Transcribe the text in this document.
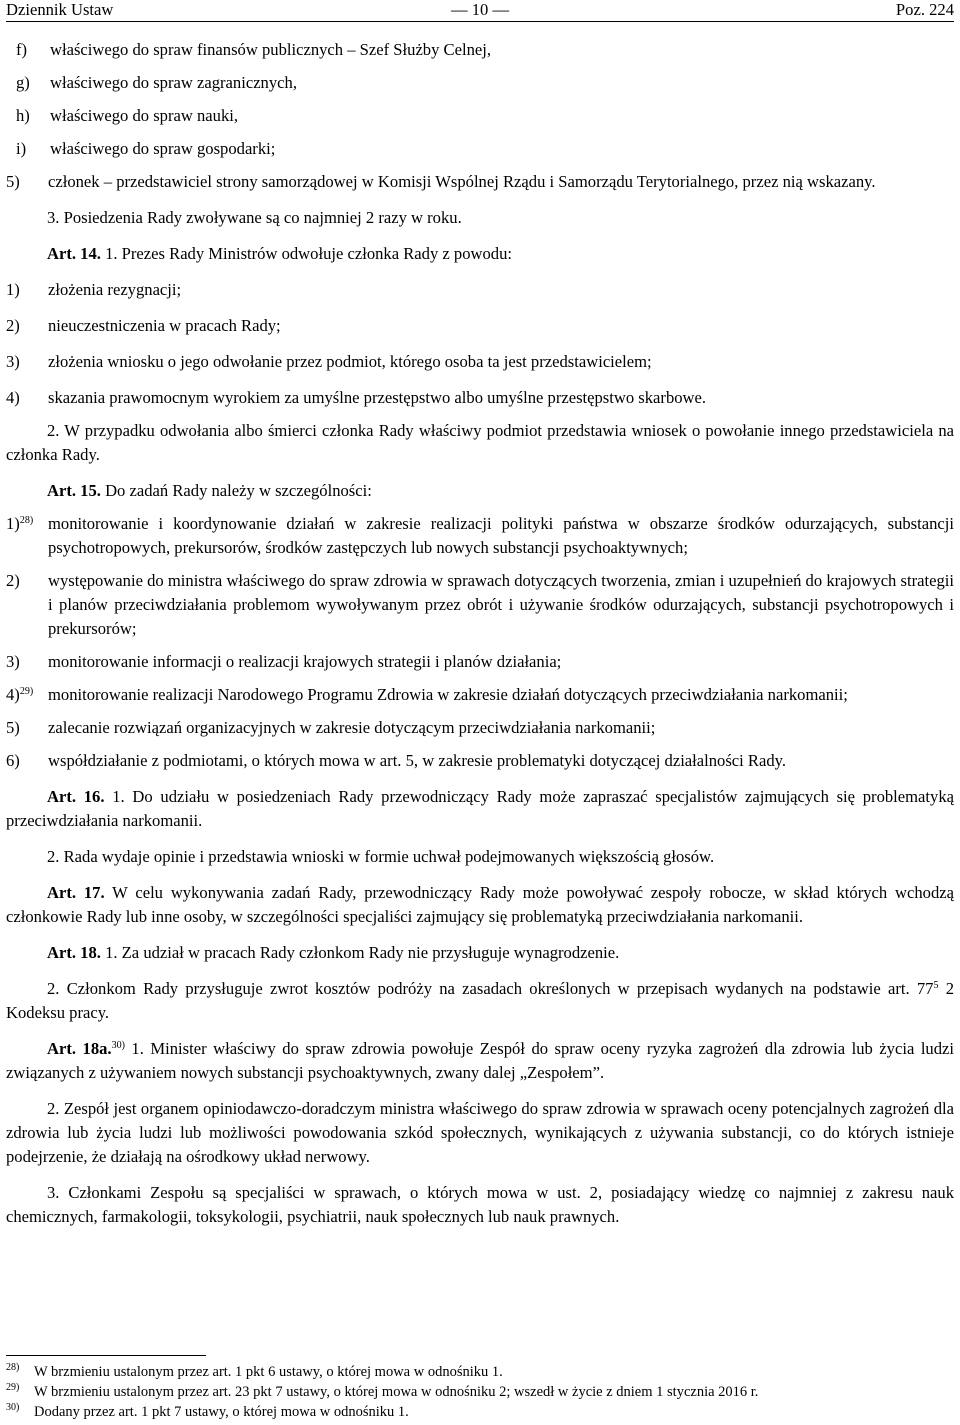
Dziennik Ustaw	— 10 —	Poz. 224
f)	właściwego do spraw finansów publicznych – Szef Służby Celnej,
g)	właściwego do spraw zagranicznych,
h)	właściwego do spraw nauki,
i)	właściwego do spraw gospodarki;
5)	członek – przedstawiciel strony samorządowej w Komisji Wspólnej Rządu i Samorządu Terytorialnego, przez nią wskazany.

3. Posiedzenia Rady zwoływane są co najmniej 2 razy w roku.

Art. 14. 1. Prezes Rady Ministrów odwołuje członka Rady z powodu:

1)	złożenia rezygnacji;
2)	nieuczestniczenia w pracach Rady;
3)	złożenia wniosku o jego odwołanie przez podmiot, którego osoba ta jest przedstawicielem;
4)	skazania prawomocnym wyrokiem za umyślne przestępstwo albo umyślne przestępstwo skarbowe.

2. W przypadku odwołania albo śmierci członka Rady właściwy podmiot przedstawia wniosek o powołanie innego przedstawiciela na członka Rady.

Art. 15. Do zadań Rady należy w szczególności:

1)$^{28)}$ monitorowanie i koordynowanie działań w zakresie realizacji polityki państwa w obszarze środków odurzających, substancji psychotropowych, prekursorów, środków zastępczych lub nowych substancji psychoaktywnych;
2)	występowanie do ministra właściwego do spraw zdrowia w sprawach dotyczących tworzenia, zmian i uzupełnień do krajowych strategii i planów przeciwdziałania problemom wywoływanym przez obrót i używanie środków odurzających, substancji psychotropowych i prekursorów;
3)	monitorowanie informacji o realizacji krajowych strategii i planów działania;
4)$^{29)}$ monitorowanie realizacji Narodowego Programu Zdrowia w zakresie działań dotyczących przeciwdziałania narkomanii;
5)	zalecanie rozwiązań organizacyjnych w zakresie dotyczącym przeciwdziałania narkomanii;
6)	współdziałanie z podmiotami, o których mowa w art. 5, w zakresie problematyki dotyczącej działalności Rady.

Art. 16. 1. Do udziału w posiedzeniach Rady przewodniczący Rady może zapraszać specjalistów zajmujących się problematyką przeciwdziałania narkomanii.

2. Rada wydaje opinie i przedstawia wnioski w formie uchwał podejmowanych większością głosów.

Art. 17. W celu wykonywania zadań Rady, przewodniczący Rady może powoływać zespoły robocze, w skład których wchodzą członkowie Rady lub inne osoby, w szczególności specjaliści zajmujący się problematyką przeciwdziałania narkomanii.

Art. 18. 1. Za udział w pracach Rady członkom Rady nie przysługuje wynagrodzenie.

2. Członkom Rady przysługuje zwrot kosztów podróży na zasadach określonych w przepisach wydanych na podstawie art. $77^5$ 2 Kodeksu pracy.

Art. 18a.$^{30)}$ 1. Minister właściwy do spraw zdrowia powołuje Zespół do spraw oceny ryzyka zagrożeń dla zdrowia lub życia ludzi związanych z używaniem nowych substancji psychoaktywnych, zwany dalej „Zespołem”.

2. Zespół jest organem opiniodawczo-doradczym ministra właściwego do spraw zdrowia w sprawach oceny potencjalnych zagrożeń dla zdrowia lub życia ludzi lub możliwości powodowania szkód społecznych, wynikających z używania substancji, co do których istnieje podejrzenie, że działają na ośrodkowy układ nerwowy.

3. Członkami Zespołu są specjaliści w sprawach, o których mowa w ust. 2, posiadający wiedzę co najmniej z zakresu nauk chemicznych, farmakologii, toksykologii, psychiatrii, nauk społecznych lub nauk prawnych.

28)	W brzmieniu ustalonym przez art. 1 pkt 6 ustawy, o której mowa w odnośniku 1.
29)	W brzmieniu ustalonym przez art. 23 pkt 7 ustawy, o której mowa w odnośniku 2; wszedł w życie z dniem 1 stycznia 2016 r.
30)	Dodany przez art. 1 pkt 7 ustawy, o której mowa w odnośniku 1.
